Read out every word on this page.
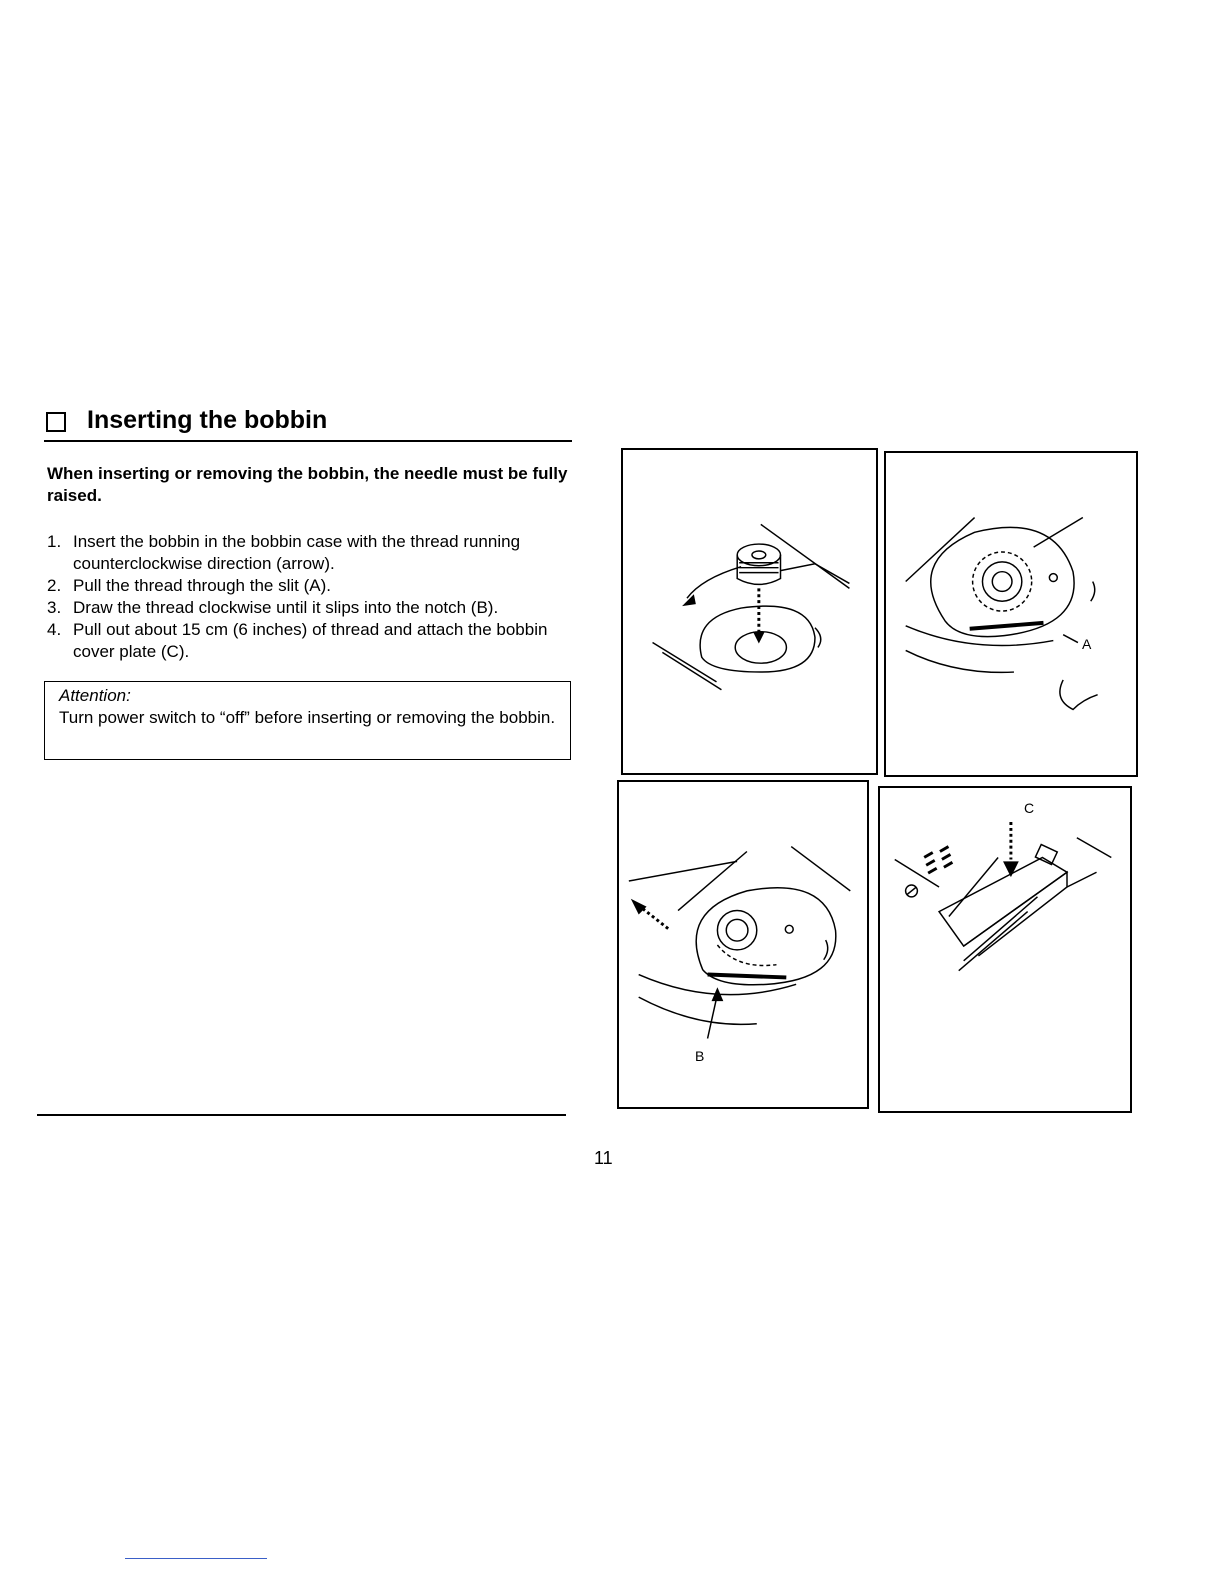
Inserting the bobbin
When inserting or removing the bobbin, the needle must be fully raised.
1. Insert the bobbin in the bobbin case with the thread running counterclockwise direction (arrow).
2. Pull the thread through the slit (A).
3. Draw the thread clockwise until it slips into the notch (B).
4. Pull out about 15 cm (6 inches) of thread and attach the bobbin cover plate (C).
Attention:
Turn power switch to “off” before inserting or removing the bobbin.
A
B
C
11
